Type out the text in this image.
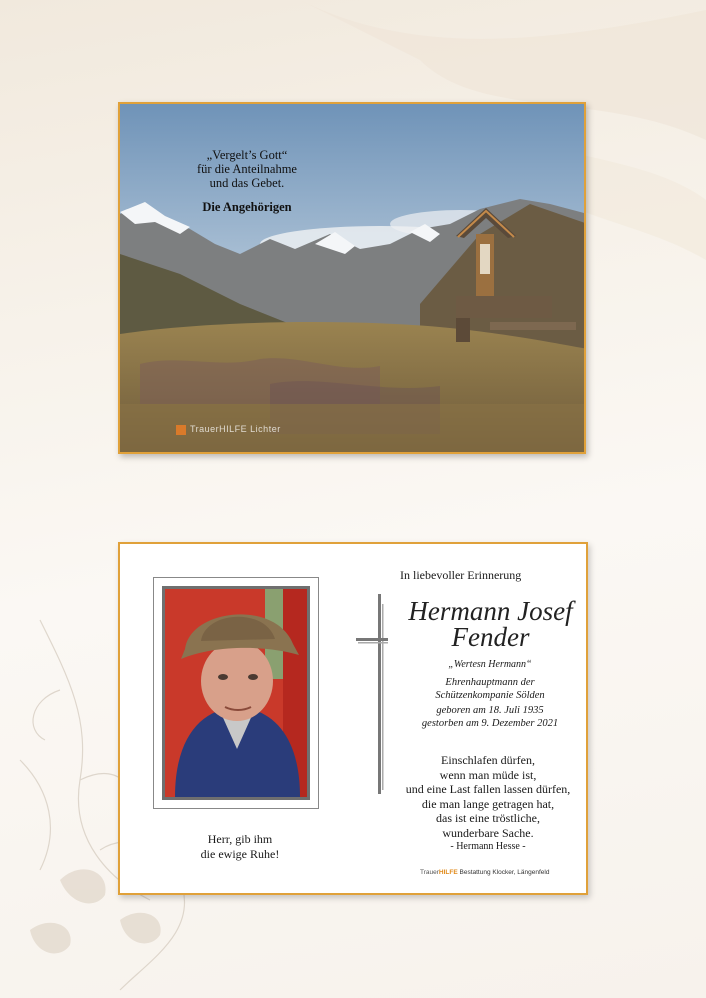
„Vergelt’s Gott“
für die Anteilnahme
und das Gebet.
Die Angehörigen
TrauerHILFE Lichter
Herr, gib ihm
die ewige Ruhe!
In liebevoller Erinnerung
Hermann Josef
Fender
„Wertesn Hermann“
Ehrenhauptmann der
Schützenkompanie Sölden
geboren am 18. Juli 1935
gestorben am 9. Dezember 2021
Einschlafen dürfen,
wenn man müde ist,
und eine Last fallen lassen dürfen,
die man lange getragen hat,
das ist eine tröstliche,
wunderbare Sache.
- Hermann Hesse -
TrauerHILFE Bestattung Klocker, Längenfeld
